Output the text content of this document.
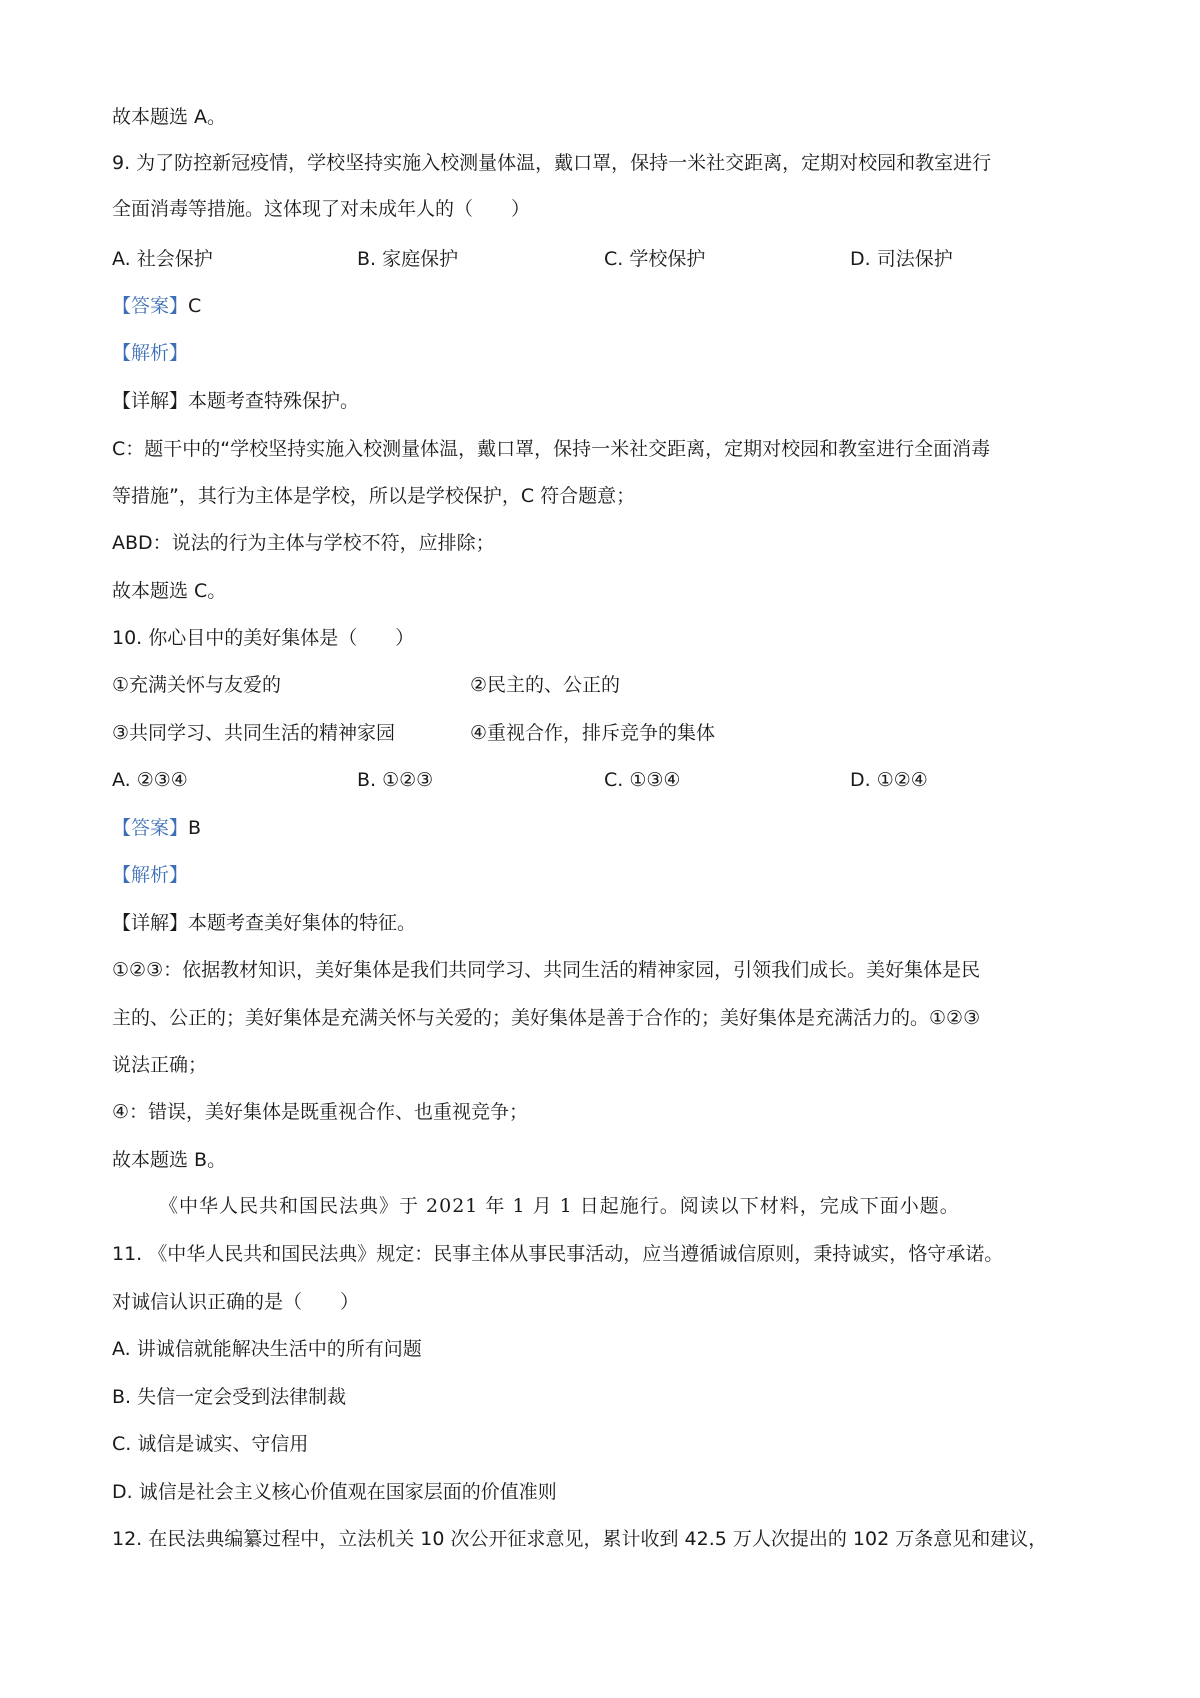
故本题选 A。
9. 为了防控新冠疫情，学校坚持实施入校测量体温，戴口罩，保持一米社交距离，定期对校园和教室进行
全面消毒等措施。这体现了对未成年人的（　　）
A. 社会保护	B. 家庭保护	C. 学校保护	D. 司法保护
【答案】C
【解析】
【详解】本题考查特殊保护。
C：题干中的“学校坚持实施入校测量体温，戴口罩，保持一米社交距离，定期对校园和教室进行全面消毒
等措施”，其行为主体是学校，所以是学校保护，C 符合题意；
ABD：说法的行为主体与学校不符，应排除；
故本题选 C。
10. 你心目中的美好集体是（　　）
①充满关怀与友爱的	②民主的、公正的
③共同学习、共同生活的精神家园	④重视合作，排斥竞争的集体
A. ②③④	B. ①②③	C. ①③④	D. ①②④
【答案】B
【解析】
【详解】本题考查美好集体的特征。
①②③：依据教材知识，美好集体是我们共同学习、共同生活的精神家园，引领我们成长。美好集体是民
主的、公正的；美好集体是充满关怀与关爱的；美好集体是善于合作的；美好集体是充满活力的。①②③
说法正确；
④：错误，美好集体是既重视合作、也重视竞争；
故本题选 B。
《中华人民共和国民法典》于 2021 年 1 月 1 日起施行。阅读以下材料，完成下面小题。
11. 《中华人民共和国民法典》规定：民事主体从事民事活动，应当遵循诚信原则，秉持诚实，恪守承诺。
对诚信认识正确的是（　　）
A. 讲诚信就能解决生活中的所有问题
B. 失信一定会受到法律制裁
C. 诚信是诚实、守信用
D. 诚信是社会主义核心价值观在国家层面的价值准则
12. 在民法典编纂过程中，立法机关 10 次公开征求意见，累计收到 42.5 万人次提出的 102 万条意见和建议，
